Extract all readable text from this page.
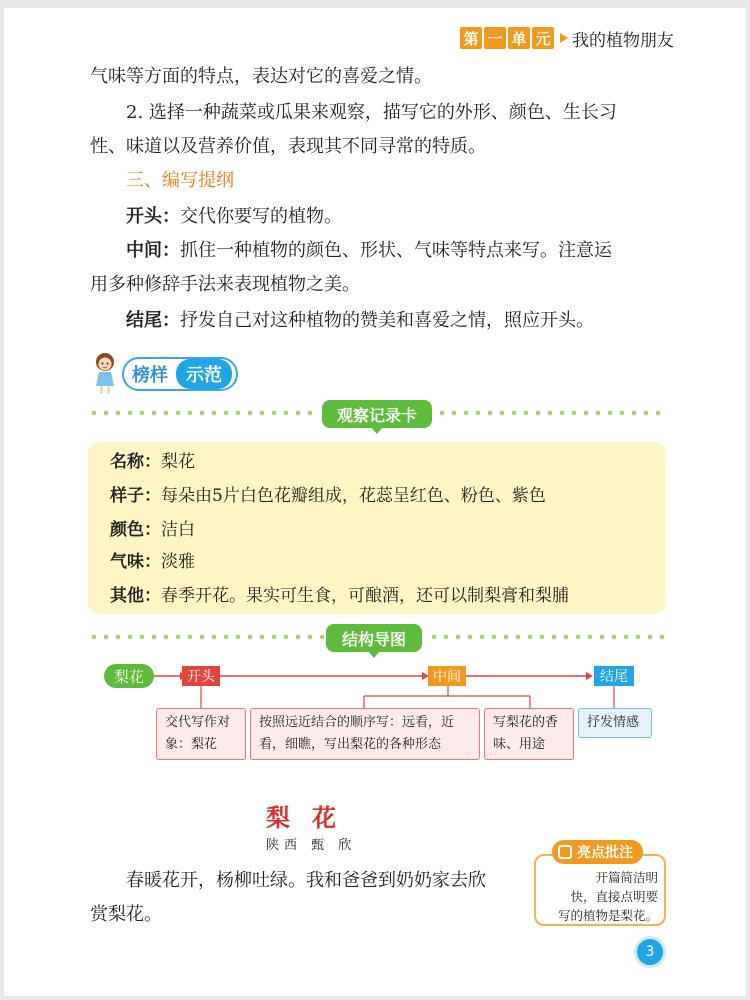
第 一 单 元 我的植物朋友
气味等方面的特点，表达对它的喜爱之情。
2. 选择一种蔬菜或瓜果来观察，描写它的外形、颜色、生长习
性、味道以及营养价值，表现其不同寻常的特质。
三、编写提纲
开头：交代你要写的植物。
中间：抓住一种植物的颜色、形状、气味等特点来写。注意运
用多种修辞手法来表现植物之美。
结尾：抒发自己对这种植物的赞美和喜爱之情，照应开头。
榜样	示范
观察记录卡
名称：梨花
样子：每朵由5片白色花瓣组成，花蕊呈红色、粉色、紫色
颜色：洁白
气味：淡雅
其他：春季开花。果实可生食，可酿酒，还可以制梨膏和梨脯
结构导图
梨花	开头	中间	结尾
交代写作对
象：梨花
按照远近结合的顺序写：远看，近
看，细瞧，写出梨花的各种形态
写梨花的香
味、用途
抒发情感
梨花
陕西 甄 欣
春暖花开，杨柳吐绿。我和爸爸到奶奶家去欣
赏梨花。
开篇简洁明
快，直接点明要
写的植物是梨花。
亮点批注
3
